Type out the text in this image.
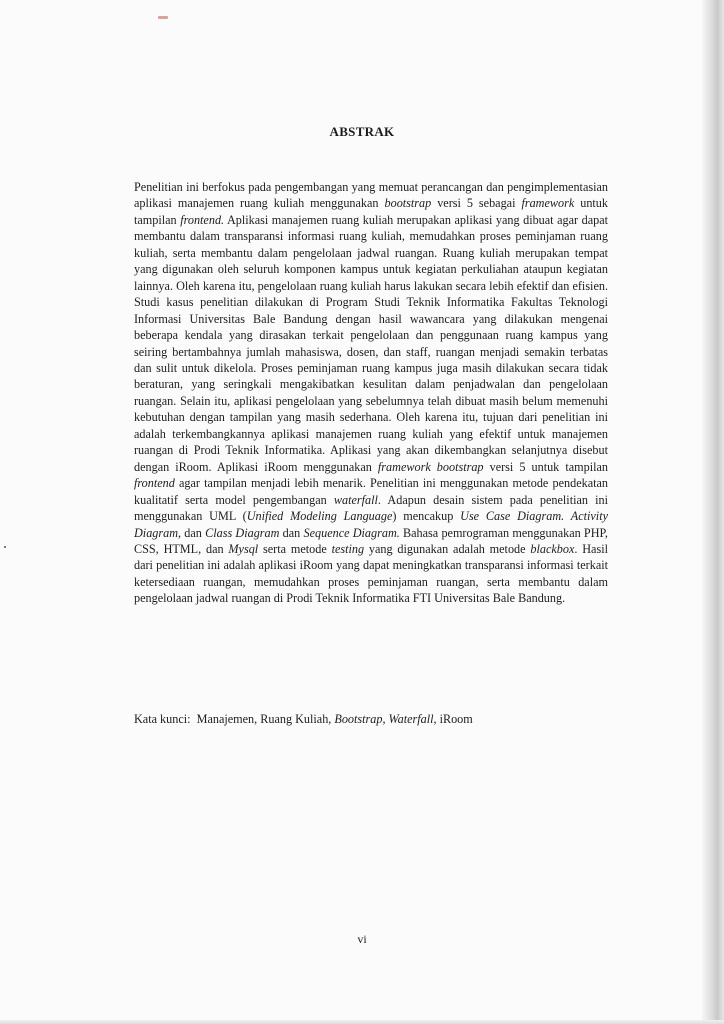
ABSTRAK

Penelitian ini berfokus pada pengembangan yang memuat perancangan dan pengimplementasian aplikasi manajemen ruang kuliah menggunakan bootstrap versi 5 sebagai framework untuk tampilan frontend. Aplikasi manajemen ruang kuliah merupakan aplikasi yang dibuat agar dapat membantu dalam transparansi informasi ruang kuliah, memudahkan proses peminjaman ruang kuliah, serta membantu dalam pengelolaan jadwal ruangan. Ruang kuliah merupakan tempat yang digunakan oleh seluruh komponen kampus untuk kegiatan perkuliahan ataupun kegiatan lainnya. Oleh karena itu, pengelolaan ruang kuliah harus lakukan secara lebih efektif dan efisien. Studi kasus penelitian dilakukan di Program Studi Teknik Informatika Fakultas Teknologi Informasi Universitas Bale Bandung dengan hasil wawancara yang dilakukan mengenai beberapa kendala yang dirasakan terkait pengelolaan dan penggunaan ruang kampus yang seiring bertambahnya jumlah mahasiswa, dosen, dan staff, ruangan menjadi semakin terbatas dan sulit untuk dikelola. Proses peminjaman ruang kampus juga masih dilakukan secara tidak beraturan, yang seringkali mengakibatkan kesulitan dalam penjadwalan dan pengelolaan ruangan. Selain itu, aplikasi pengelolaan yang sebelumnya telah dibuat masih belum memenuhi kebutuhan dengan tampilan yang masih sederhana. Oleh karena itu, tujuan dari penelitian ini adalah terkembangkannya aplikasi manajemen ruang kuliah yang efektif untuk manajemen ruangan di Prodi Teknik Informatika. Aplikasi yang akan dikembangkan selanjutnya disebut dengan iRoom. Aplikasi iRoom menggunakan framework bootstrap versi 5 untuk tampilan frontend agar tampilan menjadi lebih menarik. Penelitian ini menggunakan metode pendekatan kualitatif serta model pengembangan waterfall. Adapun desain sistem pada penelitian ini menggunakan UML (Unified Modeling Language) mencakup Use Case Diagram. Activity Diagram, dan Class Diagram dan Sequence Diagram. Bahasa pemrograman menggunakan PHP, CSS, HTML, dan Mysql serta metode testing yang digunakan adalah metode blackbox. Hasil dari penelitian ini adalah aplikasi iRoom yang dapat meningkatkan transparansi informasi terkait ketersediaan ruangan, memudahkan proses peminjaman ruangan, serta membantu dalam pengelolaan jadwal ruangan di Prodi Teknik Informatika FTI Universitas Bale Bandung.

Kata kunci: Manajemen, Ruang Kuliah, Bootstrap, Waterfall, iRoom

vi
